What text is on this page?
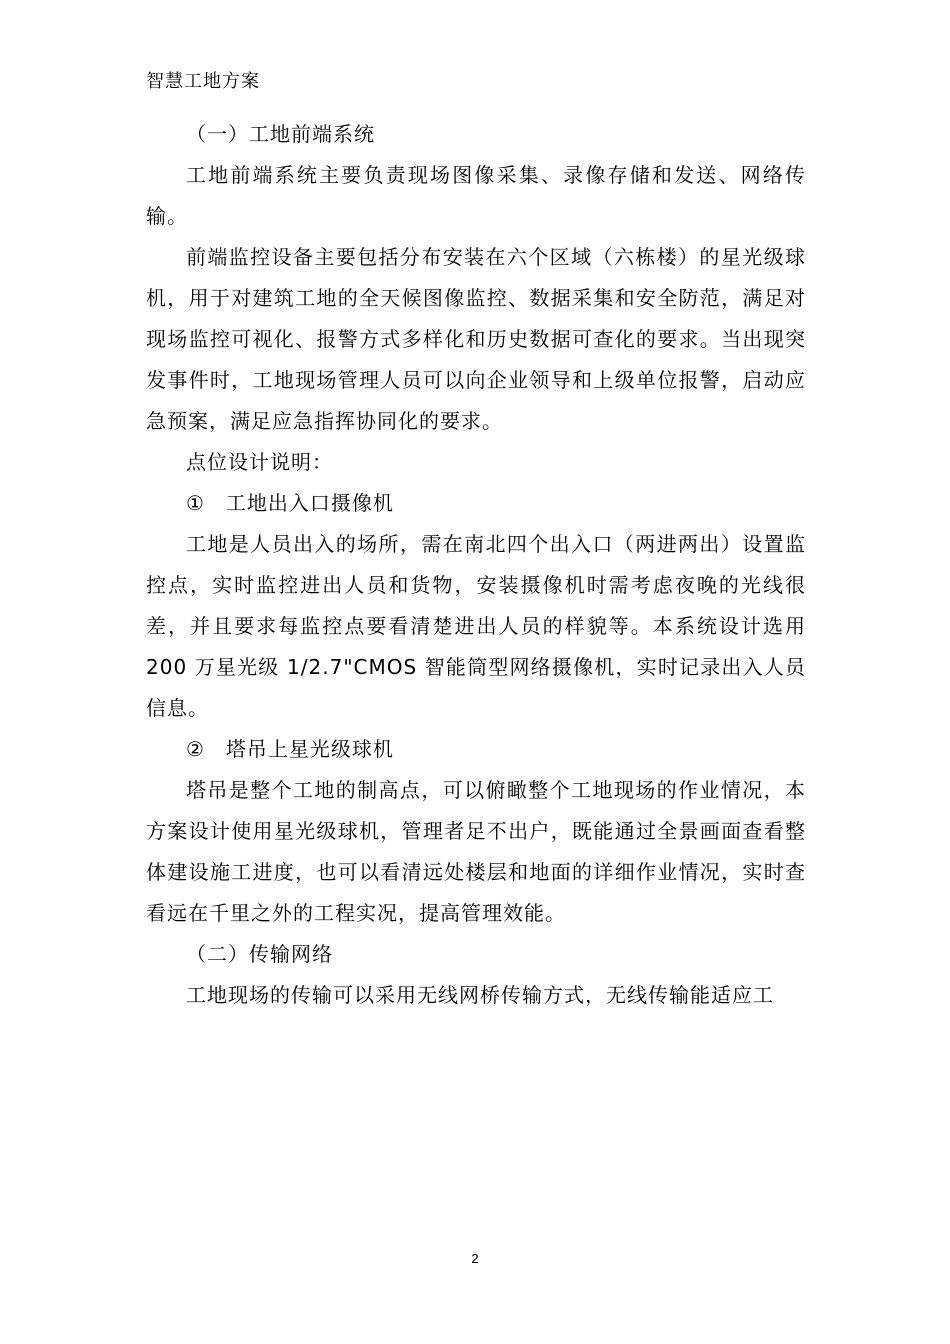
智慧工地方案

（一）工地前端系统

工地前端系统主要负责现场图像采集、录像存储和发送、网络传输。

前端监控设备主要包括分布安装在六个区域（六栋楼）的星光级球机，用于对建筑工地的全天候图像监控、数据采集和安全防范，满足对现场监控可视化、报警方式多样化和历史数据可查化的要求。当出现突发事件时，工地现场管理人员可以向企业领导和上级单位报警，启动应急预案，满足应急指挥协同化的要求。

点位设计说明：

①　工地出入口摄像机

工地是人员出入的场所，需在南北四个出入口（两进两出）设置监控点，实时监控进出人员和货物，安装摄像机时需考虑夜晚的光线很差，并且要求每监控点要看清楚进出人员的样貌等。本系统设计选用 200 万星光级 1/2.7"CMOS 智能筒型网络摄像机，实时记录出入人员信息。

②　塔吊上星光级球机

塔吊是整个工地的制高点，可以俯瞰整个工地现场的作业情况，本方案设计使用星光级球机，管理者足不出户，既能通过全景画面查看整体建设施工进度，也可以看清远处楼层和地面的详细作业情况，实时查看远在千里之外的工程实况，提高管理效能。

（二）传输网络

工地现场的传输可以采用无线网桥传输方式，无线传输能适应工

2
